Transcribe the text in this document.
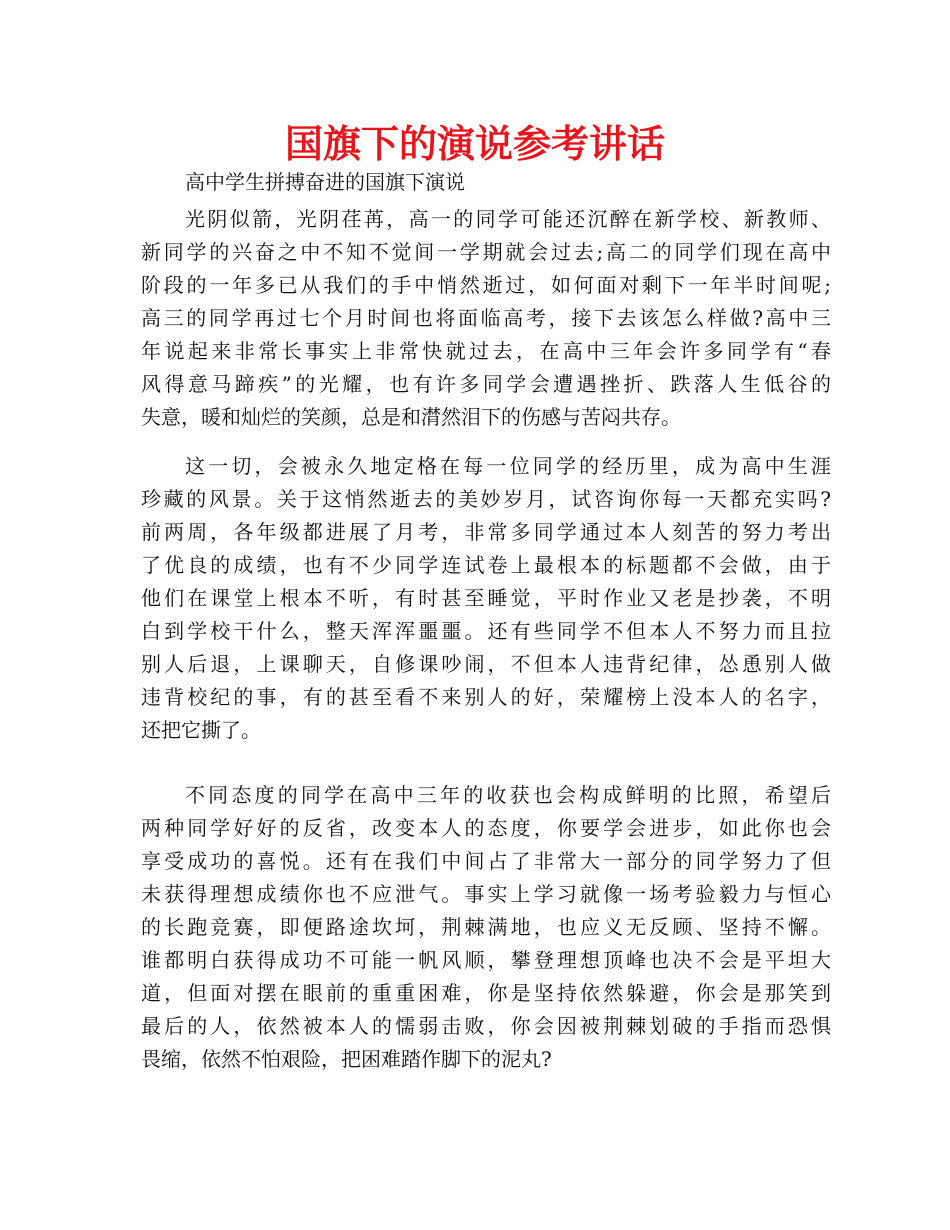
国旗下的演说参考讲话

高中学生拼搏奋进的国旗下演说

光阴似箭，光阴荏苒，高一的同学可能还沉醉在新学校、新教师、
新同学的兴奋之中不知不觉间一学期就会过去;高二的同学们现在高中
阶段的一年多已从我们的手中悄然逝过，如何面对剩下一年半时间呢;
高三的同学再过七个月时间也将面临高考，接下去该怎么样做?高中三
年说起来非常长事实上非常快就过去，在高中三年会许多同学有“春
风得意马蹄疾”的光耀，也有许多同学会遭遇挫折、跌落人生低谷的
失意，暖和灿烂的笑颜，总是和潸然泪下的伤感与苦闷共存。
这一切，会被永久地定格在每一位同学的经历里，成为高中生涯
珍藏的风景。关于这悄然逝去的美妙岁月，试咨询你每一天都充实吗?
前两周，各年级都进展了月考，非常多同学通过本人刻苦的努力考出
了优良的成绩，也有不少同学连试卷上最根本的标题都不会做，由于
他们在课堂上根本不听，有时甚至睡觉，平时作业又老是抄袭，不明
白到学校干什么，整天浑浑噩噩。还有些同学不但本人不努力而且拉
别人后退，上课聊天，自修课吵闹，不但本人违背纪律，怂恿别人做
违背校纪的事，有的甚至看不来别人的好，荣耀榜上没本人的名字，
还把它撕了。
不同态度的同学在高中三年的收获也会构成鲜明的比照，希望后
两种同学好好的反省，改变本人的态度，你要学会进步，如此你也会
享受成功的喜悦。还有在我们中间占了非常大一部分的同学努力了但
未获得理想成绩你也不应泄气。事实上学习就像一场考验毅力与恒心
的长跑竞赛，即便路途坎坷，荆棘满地，也应义无反顾、坚持不懈。
谁都明白获得成功不可能一帆风顺，攀登理想顶峰也决不会是平坦大
道，但面对摆在眼前的重重困难，你是坚持依然躲避，你会是那笑到
最后的人，依然被本人的懦弱击败，你会因被荆棘划破的手指而恐惧
畏缩，依然不怕艰险，把困难踏作脚下的泥丸?
